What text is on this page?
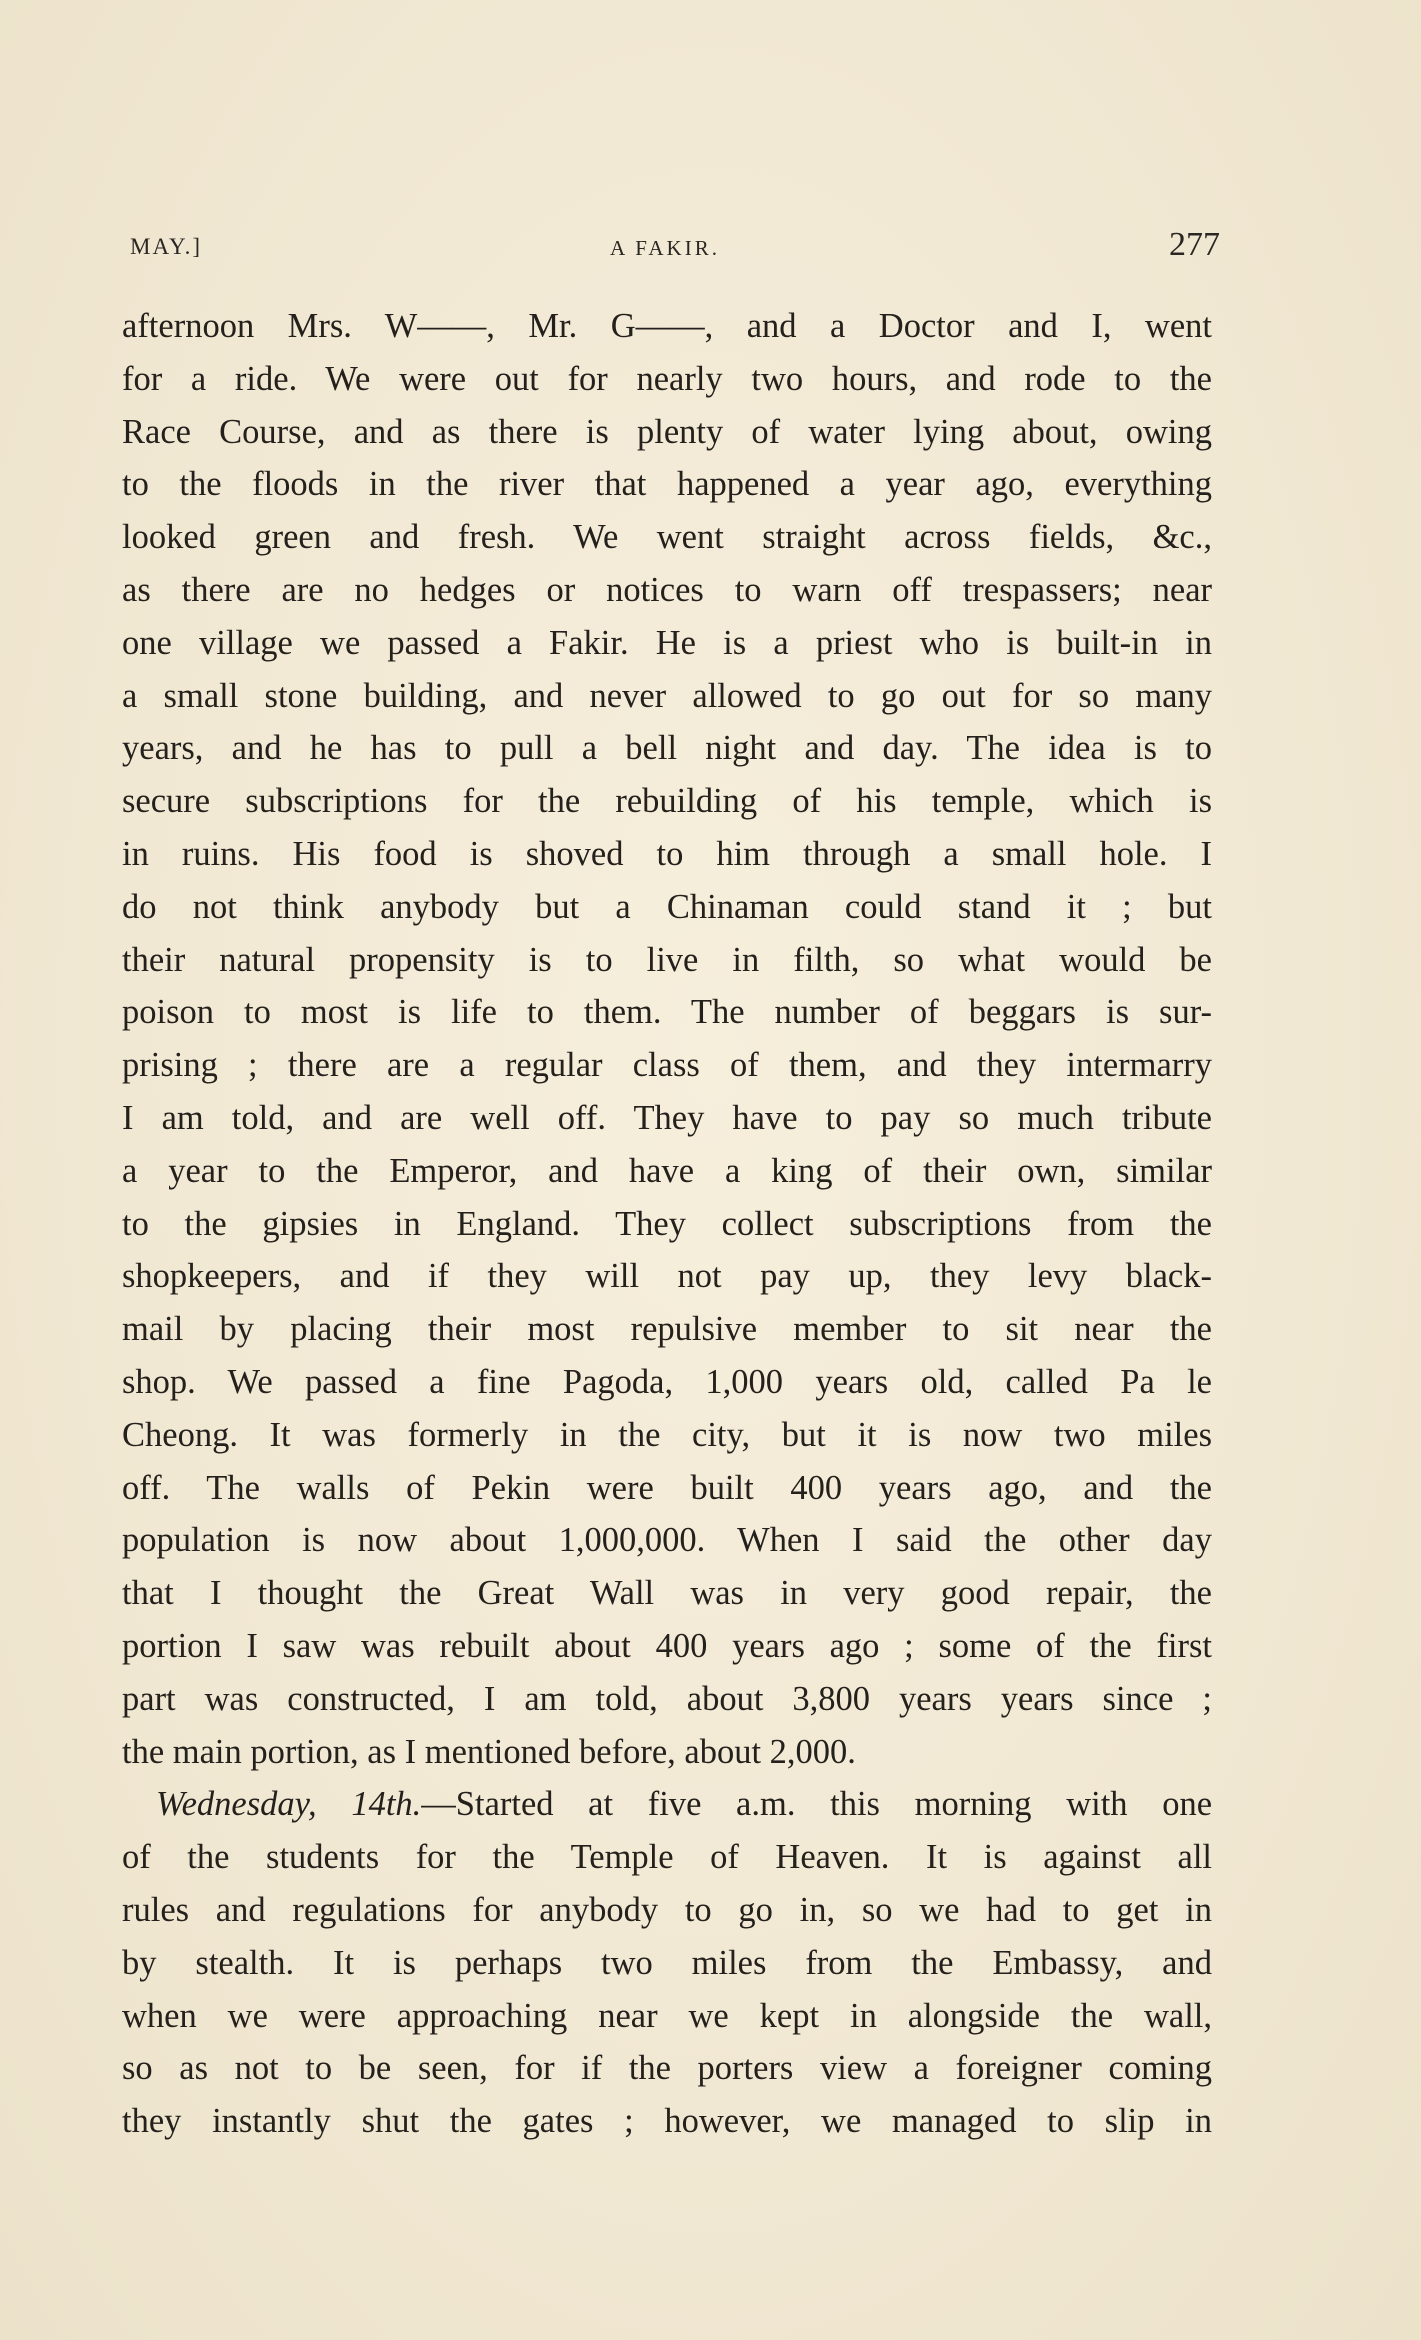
MAY.]	A FAKIR.	277
afternoon Mrs. W——, Mr. G——, and a Doctor and I, went
for a ride. We were out for nearly two hours, and rode to the
Race Course, and as there is plenty of water lying about, owing
to the floods in the river that happened a year ago, everything
looked green and fresh. We went straight across fields, &c.,
as there are no hedges or notices to warn off trespassers; near
one village we passed a Fakir. He is a priest who is built-in in
a small stone building, and never allowed to go out for so many
years, and he has to pull a bell night and day. The idea is to
secure subscriptions for the rebuilding of his temple, which is
in ruins. His food is shoved to him through a small hole. I
do not think anybody but a Chinaman could stand it ; but
their natural propensity is to live in filth, so what would be
poison to most is life to them. The number of beggars is sur-
prising ; there are a regular class of them, and they intermarry
I am told, and are well off. They have to pay so much tribute
a year to the Emperor, and have a king of their own, similar
to the gipsies in England. They collect subscriptions from the
shopkeepers, and if they will not pay up, they levy black-
mail by placing their most repulsive member to sit near the
shop. We passed a fine Pagoda, 1,000 years old, called Pa le
Cheong. It was formerly in the city, but it is now two miles
off. The walls of Pekin were built 400 years ago, and the
population is now about 1,000,000. When I said the other day
that I thought the Great Wall was in very good repair, the
portion I saw was rebuilt about 400 years ago ; some of the first
part was constructed, I am told, about 3,800 years years since ;
the main portion, as I mentioned before, about 2,000.
Wednesday, 14th.—Started at five a.m. this morning with one
of the students for the Temple of Heaven. It is against all
rules and regulations for anybody to go in, so we had to get in
by stealth. It is perhaps two miles from the Embassy, and
when we were approaching near we kept in alongside the wall,
so as not to be seen, for if the porters view a foreigner coming
they instantly shut the gates ; however, we managed to slip in
